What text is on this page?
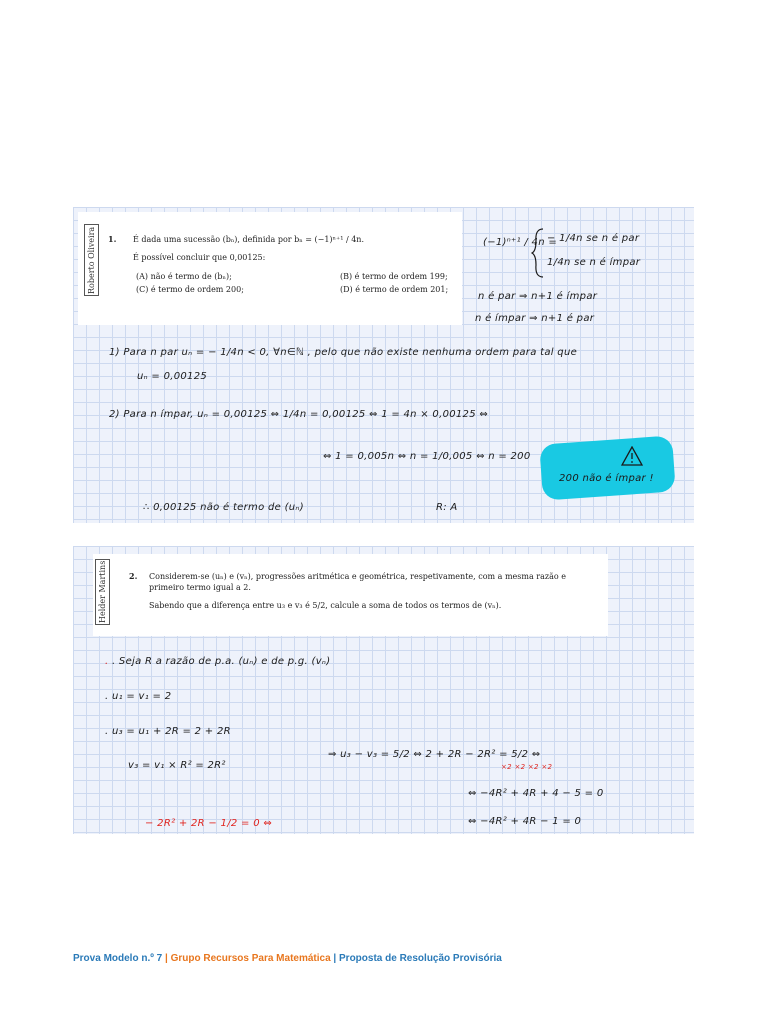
Roberto Oliveira	1. É dada uma sucessão (bₙ), definida por bₙ = (−1)ⁿ⁺¹ / 4n.
É possível concluir que 0,00125:
(A) não é termo de (bₙ);	(B) é termo de ordem 199;
(C) é termo de ordem 200;	(D) é termo de ordem 201;
(−1)ⁿ⁺¹ / 4n =
− 1/4n se n é par
1/4n se n é ímpar
n é par ⇒ n+1 é ímpar
n é ímpar ⇒ n+1 é par
1) Para n par uₙ = − 1/4n < 0, ∀n∈ℕ , pelo que não existe nenhuma ordem para tal que
uₙ = 0,00125
2) Para n ímpar, uₙ = 0,00125 ⇔ 1/4n = 0,00125 ⇔ 1 = 4n × 0,00125 ⇔
⇔ 1 = 0,005n ⇔ n = 1/0,005 ⇔ n = 200
200 não é ímpar !
∴ 0,00125 não é termo de (uₙ)	R: A
Helder Martins	2. Considerem-se (uₙ) e (vₙ), progressões aritmética e geométrica, respetivamente, com a mesma razão e
primeiro termo igual a 2.
Sabendo que a diferença entre u₃ e v₃ é 5/2, calcule a soma de todos os termos de (vₙ).
. . Seja R a razão de p.a. (uₙ) e de p.g. (vₙ)
. u₁ = v₁ = 2
. u₃ = u₁ + 2R = 2 + 2R
v₃ = v₁ × R² = 2R²
⇒ u₃ − v₃ = 5/2 ⇔ 2 + 2R − 2R² = 5/2 ⇔
×2 ×2 ×2 ×2
⇔ −4R² + 4R + 4 − 5 = 0
⇔ −4R² + 4R − 1 = 0
− 2R² + 2R − 1/2 = 0 ⇔
Prova Modelo n.º 7 | Grupo Recursos Para Matemática | Proposta de Resolução Provisória
